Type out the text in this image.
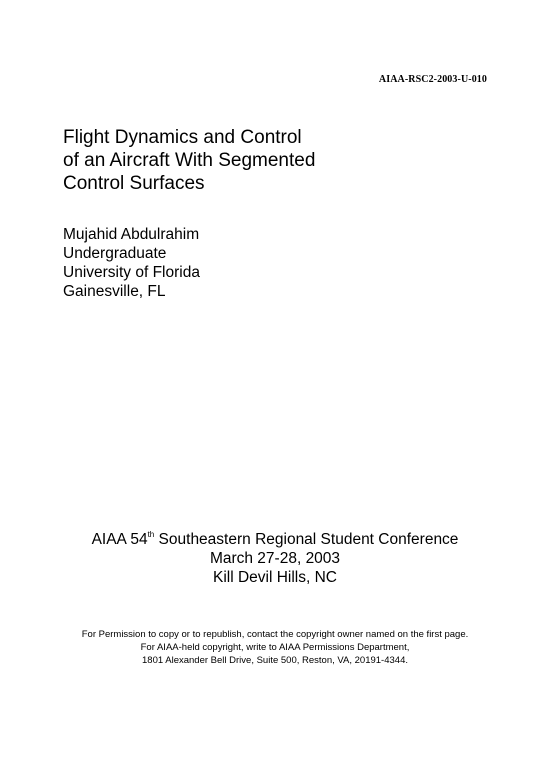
AIAA-RSC2-2003-U-010
Flight Dynamics and Control
of an Aircraft With Segmented
Control Surfaces
Mujahid Abdulrahim
Undergraduate
University of Florida
Gainesville, FL
AIAA 54th Southeastern Regional Student Conference
March 27-28, 2003
Kill Devil Hills, NC
For Permission to copy or to republish, contact the copyright owner named on the first page.
For AIAA-held copyright, write to AIAA Permissions Department,
1801 Alexander Bell Drive, Suite 500, Reston, VA, 20191-4344.
